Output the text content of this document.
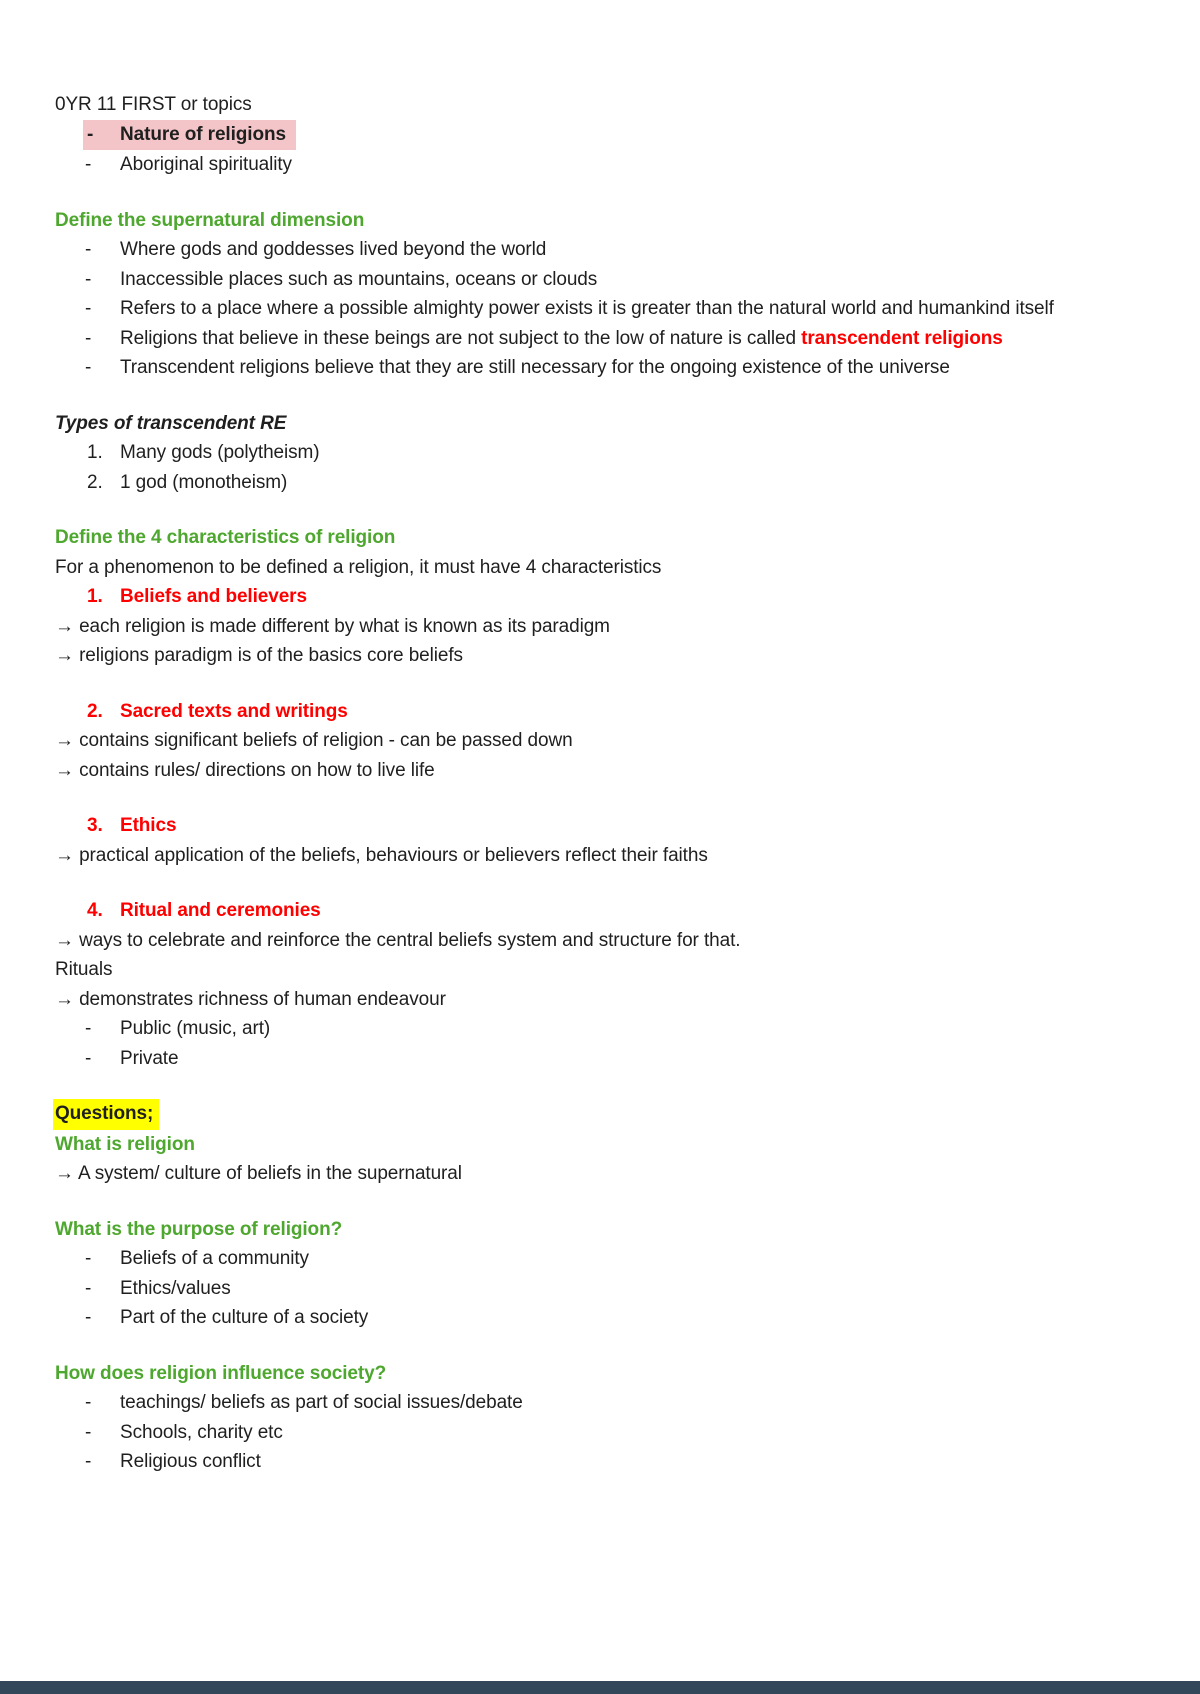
0YR 11 FIRST or topics
- Nature of religions
- Aboriginal spirituality
Define the supernatural dimension
- Where gods and goddesses lived beyond the world
- Inaccessible places such as mountains, oceans or clouds
- Refers to a place where a possible almighty power exists it is greater than the natural world and humankind itself
- Religions that believe in these beings are not subject to the low of nature is called transcendent religions
- Transcendent religions believe that they are still necessary for the ongoing existence of the universe
Types of transcendent RE
1. Many gods (polytheism)
2. 1 god (monotheism)
Define the 4 characteristics of religion
For a phenomenon to be defined a religion, it must have 4 characteristics
1. Beliefs and believers
→ each religion is made different by what is known as its paradigm
→ religions paradigm is of the basics core beliefs
2. Sacred texts and writings
→ contains significant beliefs of religion - can be passed down
→ contains rules/ directions on how to live life
3. Ethics
→ practical application of the beliefs, behaviours or believers reflect their faiths
4. Ritual and ceremonies
→ ways to celebrate and reinforce the central beliefs system and structure for that.
Rituals
→ demonstrates richness of human endeavour
- Public (music, art)
- Private
Questions;
What is religion
→ A system/ culture of beliefs in the supernatural
What is the purpose of religion?
- Beliefs of a community
- Ethics/values
- Part of the culture of a society
How does religion influence society?
- teachings/ beliefs as part of social issues/debate
- Schools, charity etc
- Religious conflict
